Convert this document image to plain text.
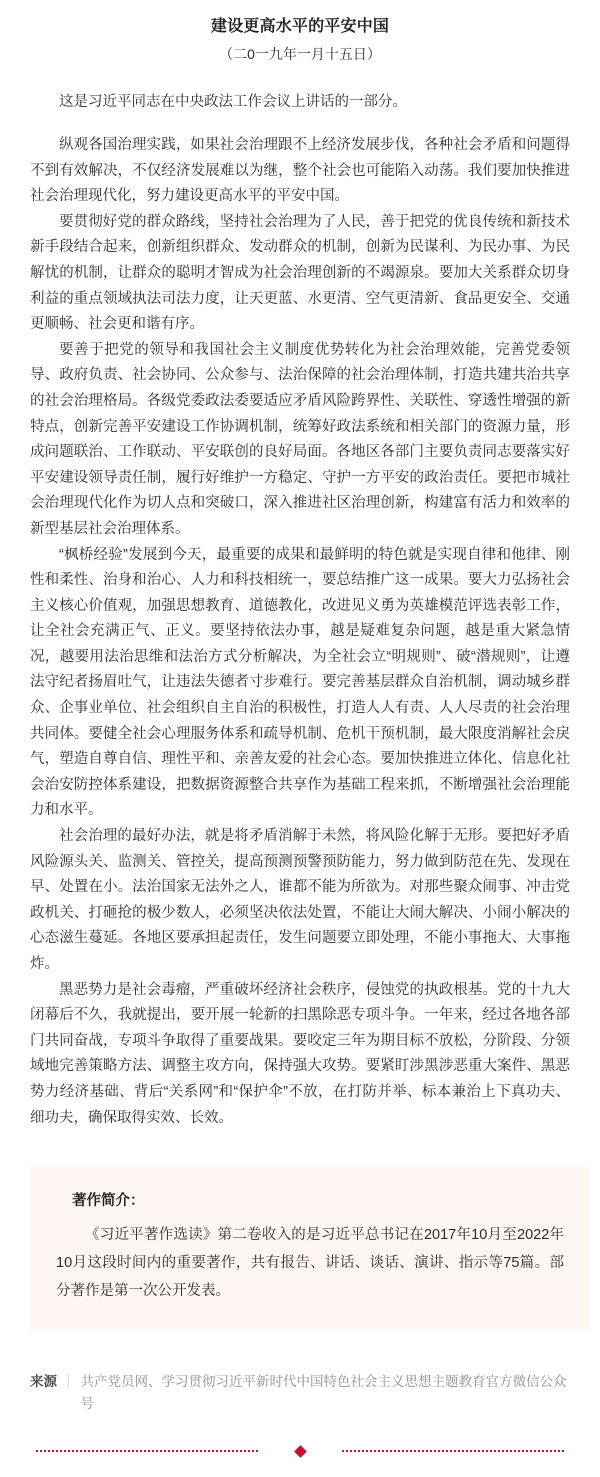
建设更高水平的平安中国
（二0一九年一月十五日）

这是习近平同志在中央政法工作会议上讲话的一部分。

纵观各国治理实践，如果社会治理跟不上经济发展步伐，各种社会矛盾和问题得不到有效解决，不仅经济发展难以为继，整个社会也可能陷入动荡。我们要加快推进社会治理现代化，努力建设更高水平的平安中国。

要贯彻好党的群众路线，坚持社会治理为了人民，善于把党的优良传统和新技术新手段结合起来，创新组织群众、发动群众的机制，创新为民谋利、为民办事、为民解忧的机制，让群众的聪明才智成为社会治理创新的不竭源泉。要加大关系群众切身利益的重点领域执法司法力度，让天更蓝、水更清、空气更清新、食品更安全、交通更顺畅、社会更和谐有序。

要善于把党的领导和我国社会主义制度优势转化为社会治理效能，完善党委领导、政府负责、社会协同、公众参与、法治保障的社会治理体制，打造共建共治共享的社会治理格局。各级党委政法委要适应矛盾风险跨界性、关联性、穿透性增强的新特点，创新完善平安建设工作协调机制，统筹好政法系统和相关部门的资源力量，形成问题联治、工作联动、平安联创的良好局面。各地区各部门主要负责同志要落实好平安建设领导责任制，履行好维护一方稳定、守护一方平安的政治责任。要把市城社会治理现代化作为切人点和突破口，深入推进社区治理创新，构建富有活力和效率的新型基层社会治理体系。

“枫桥经验”发展到今天，最重要的成果和最鲜明的特色就是实现自律和他律、刚性和柔性、治身和治心、人力和科技相统一，要总结推广这一成果。要大力弘扬社会主义核心价值观，加强思想教育、道德教化，改进见义勇为英雄模范评选表彰工作，让全社会充满正气、正义。要坚持依法办事，越是疑难复杂问题，越是重大紧急情况，越要用法治思维和法治方式分析解决，为全社会立“明规则”、破“潜规则”，让遵法守纪者扬眉吐气，让违法失德者寸步难行。要完善基层群众自治机制，调动城乡群众、企事业单位、社会组织自主自治的积极性，打造人人有责、人人尽责的社会治理共同体。要健全社会心理服务体系和疏导机制、危机干预机制，最大限度消解社会戾气，塑造自尊自信、理性平和、亲善友爱的社会心态。要加快推进立体化、信息化社会治安防控体系建设，把数据资源整合共享作为基础工程来抓，不断增强社会治理能力和水平。

社会治理的最好办法，就是将矛盾消解于未然，将风险化解于无形。要把好矛盾风险源头关、监测关、管控关，提高预测预警预防能力，努力做到防范在先、发现在早、处置在小。法治国家无法外之人，谁都不能为所欲为。对那些聚众闹事、冲击党政机关、打砸抢的极少数人，必须坚决依法处置，不能让大闹大解决、小闹小解决的心态滋生蔓延。各地区要承担起责任，发生问题要立即处理，不能小事拖大、大事拖炸。

黑恶势力是社会毒瘤，严重破坏经济社会秩序，侵蚀党的执政根基。党的十九大闭幕后不久，我就提出，要开展一轮新的扫黑除恶专项斗争。一年来，经过各地各部门共同奋战，专项斗争取得了重要战果。要咬定三年为期目标不放松，分阶段、分领域地完善策略方法、调整主攻方向，保持强大攻势。要紧盯涉黑涉恶重大案件、黑恶势力经济基础、背后“关系网”和“保护伞”不放，在打防并举、标本兼治上下真功夫、细功夫，确保取得实效、长效。

著作简介：

《习近平著作选读》第二卷收入的是习近平总书记在2017年10月至2022年10月这段时间内的重要著作，共有报告、讲话、谈话、演讲、指示等75篇。部分著作是第一次公开发表。

来源 ｜ 共产党员网、学习贯彻习近平新时代中国特色社会主义思想主题教育官方微信公众号
